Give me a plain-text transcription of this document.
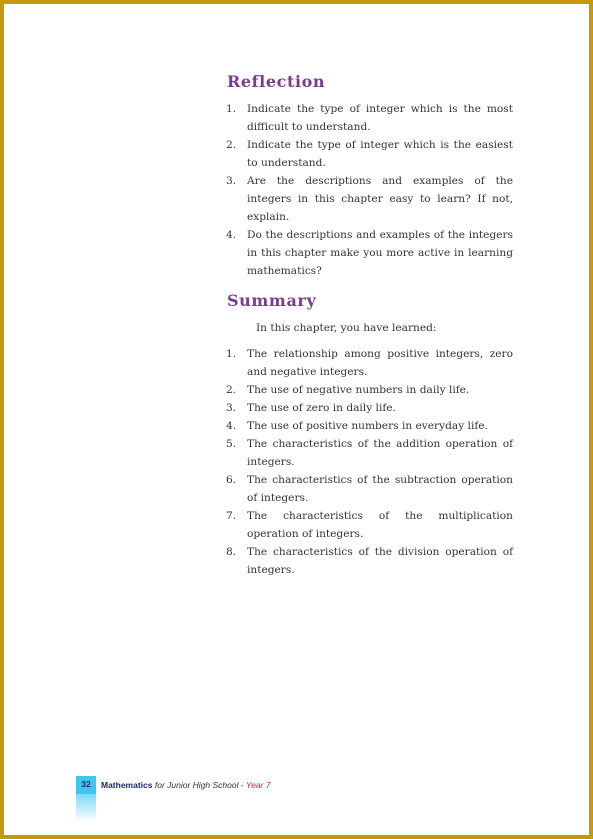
Reflection
1.	Indicate the type of integer which is the most difficult to understand.
2.	Indicate the type of integer which is the easiest to understand.
3.	Are the descriptions and examples of the integers in this chapter easy to learn? If not, explain.
4.	Do the descriptions and examples of the integers in this chapter make you more active in learning mathematics?
Summary

In this chapter, you have learned:

1.	The relationship among positive integers, zero and negative integers.
2.	The use of negative numbers in daily life.
3.	The use of zero in daily life.
4.	The use of positive numbers in everyday life.
5.	The characteristics of the addition operation of integers.
6.	The characteristics of the subtraction operation of integers.
7.	The characteristics of the multiplication operation of integers.
8.	The characteristics of the division operation of integers.
32	Mathematics for Junior High School - Year 7
